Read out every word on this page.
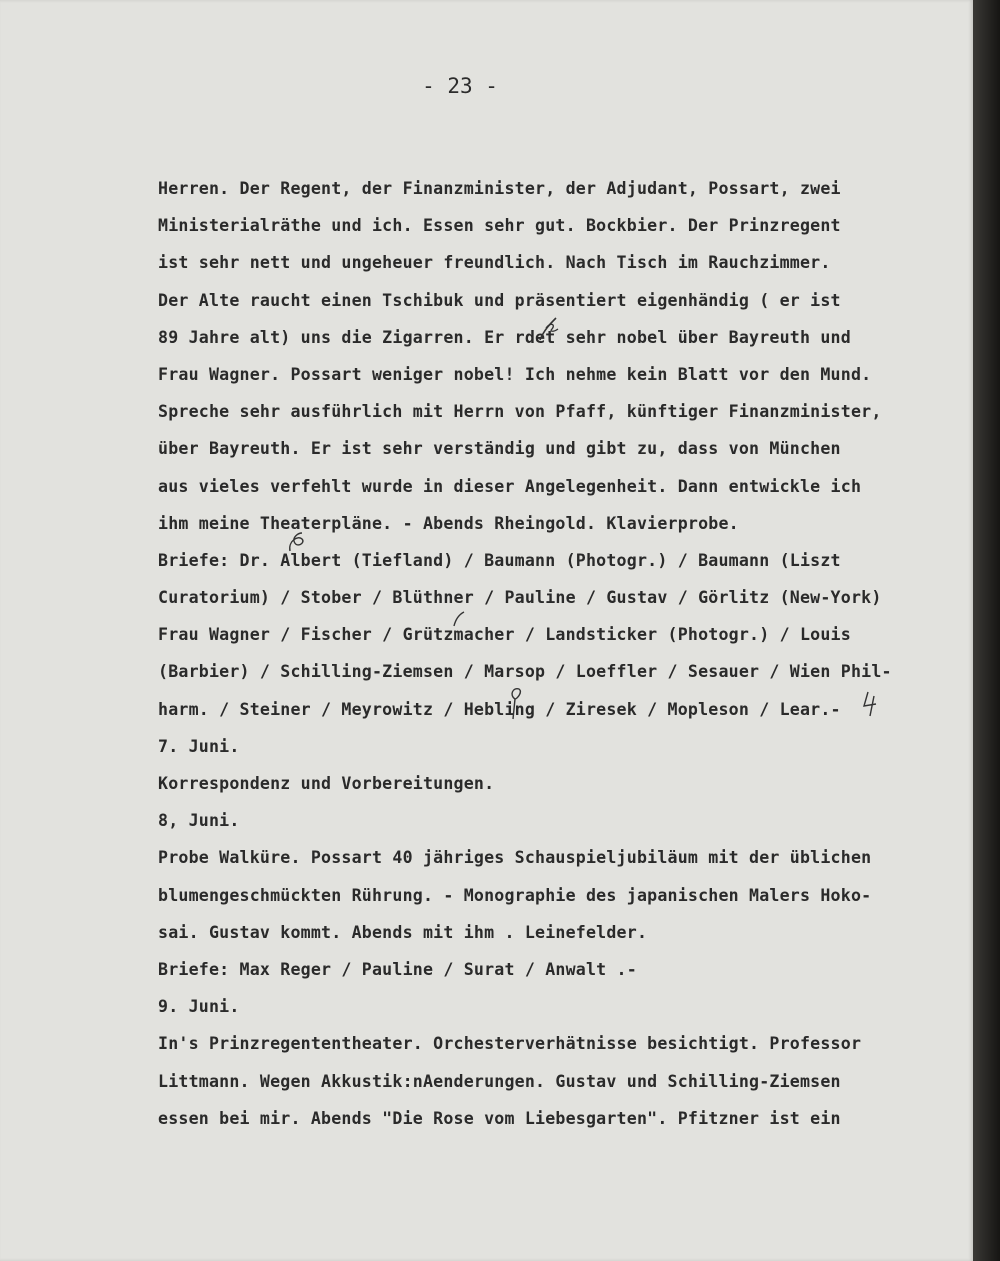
- 23 -
Herren. Der Regent, der Finanzminister, der Adjudant, Possart, zwei
Ministerialräthe und ich. Essen sehr gut. Bockbier. Der Prinzregent
ist sehr nett und ungeheuer freundlich. Nach Tisch im Rauchzimmer.
Der Alte raucht einen Tschibuk und präsentiert eigenhändig ( er ist
89 Jahre alt) uns die Zigarren. Er rdet sehr nobel über Bayreuth und
Frau Wagner. Possart weniger nobel! Ich nehme kein Blatt vor den Mund.
Spreche sehr ausführlich mit Herrn von Pfaff, künftiger Finanzminister,
über Bayreuth. Er ist sehr verständig und gibt zu, dass von München
aus vieles verfehlt wurde in dieser Angelegenheit. Dann entwickle ich
ihm meine Theaterpläne. - Abends Rheingold. Klavierprobe.
Briefe: Dr. Albert (Tiefland) / Baumann (Photogr.) / Baumann (Liszt
Curatorium) / Stober / Blüthner / Pauline / Gustav / Görlitz (New-York)
Frau Wagner / Fischer / Grützmacher / Landsticker (Photogr.) / Louis
(Barbier) / Schilling-Ziemsen / Marsop / Loeffler / Sesauer / Wien Phil-
harm. / Steiner / Meyrowitz / Hebling / Ziresek / Mopleson / Lear.-
7. Juni.
Korrespondenz und Vorbereitungen.
8, Juni.
Probe Walküre. Possart 40 jähriges Schauspieljubiläum mit der üblichen
blumengeschmückten Rührung. - Monographie des japanischen Malers Hoko-
sai. Gustav kommt. Abends mit ihm . Leinefelder.
Briefe: Max Reger / Pauline / Surat / Anwalt .-
9. Juni.
In's Prinzregententheater. Orchesterverhätnisse besichtigt. Professor
Littmann. Wegen Akkustik:nAenderungen. Gustav und Schilling-Ziemsen
essen bei mir. Abends "Die Rose vom Liebesgarten". Pfitzner ist ein
